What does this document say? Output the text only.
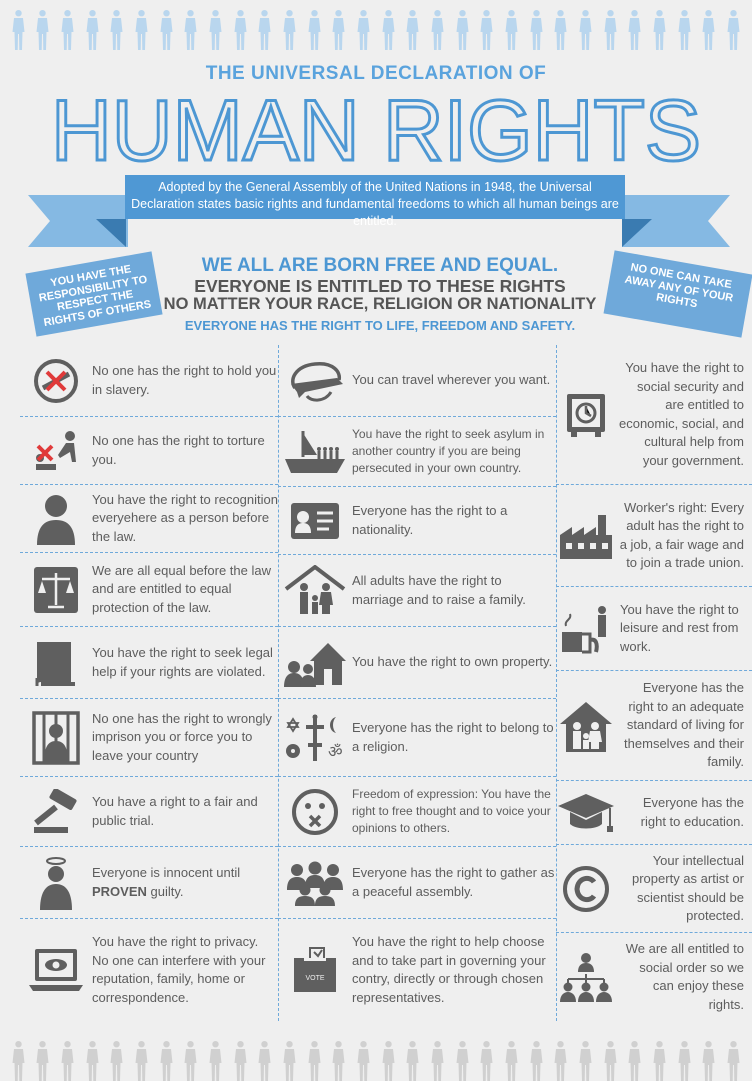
THE UNIVERSAL DECLARATION OF
HUMAN RIGHTS
Adopted by the General Assembly of the United Nations in 1948, the Universal Declaration states basic rights and fundamental freedoms to which all human beings are entitled.
YOU HAVE THE RESPONSIBILITY TO RESPECT THE RIGHTS OF OTHERS
NO ONE CAN TAKE AWAY ANY OF YOUR RIGHTS
WE ALL ARE BORN FREE AND EQUAL.
EVERYONE IS ENTITLED TO THESE RIGHTS
NO MATTER YOUR RACE, RELIGION OR NATIONALITY
EVERYONE HAS THE RIGHT TO LIFE, FREEDOM AND SAFETY.
No one has the right to hold you in slavery.
No one has the right to torture you.
You have the right to recognition everyehere as a person before the law.
We are all equal before the law and are entitled to equal protection of the law.
You have the right to seek legal help if your rights are violated.
No one has the right to wrongly imprison you or force you to leave your country
You have a right to a fair and public trial.
Everyone is innocent until PROVEN guilty.
You have the right to privacy. No one can interfere with your reputation, family, home or correspondence.
You can travel wherever you want.
You have the right to seek asylum in another country if you are being persecuted in your own country.
Everyone has the right to a nationality.
All adults have the right to marriage and to raise a family.
You have the right to own property.
ॐ
Everyone has the right to belong to a religion.
Freedom of expression: You have the right to free thought and to voice your opinions to others.
Everyone has the right to gather as a peaceful assembly.
VOTE
You have the right to help choose and to take part in governing your contry, directly or through chosen representatives.
You have the right to social security and are entitled to economic, social, and cultural help from your government.
Worker's right: Every adult has the right to a job, a fair wage and to join a trade union.
You have the right to leisure and rest from work.
Everyone has the right to an adequate standard of living for themselves and their family.
Everyone has the right to education.
Your intellectual property as artist or scientist should be protected.
We are all entitled to social order so we can enjoy these rights.
